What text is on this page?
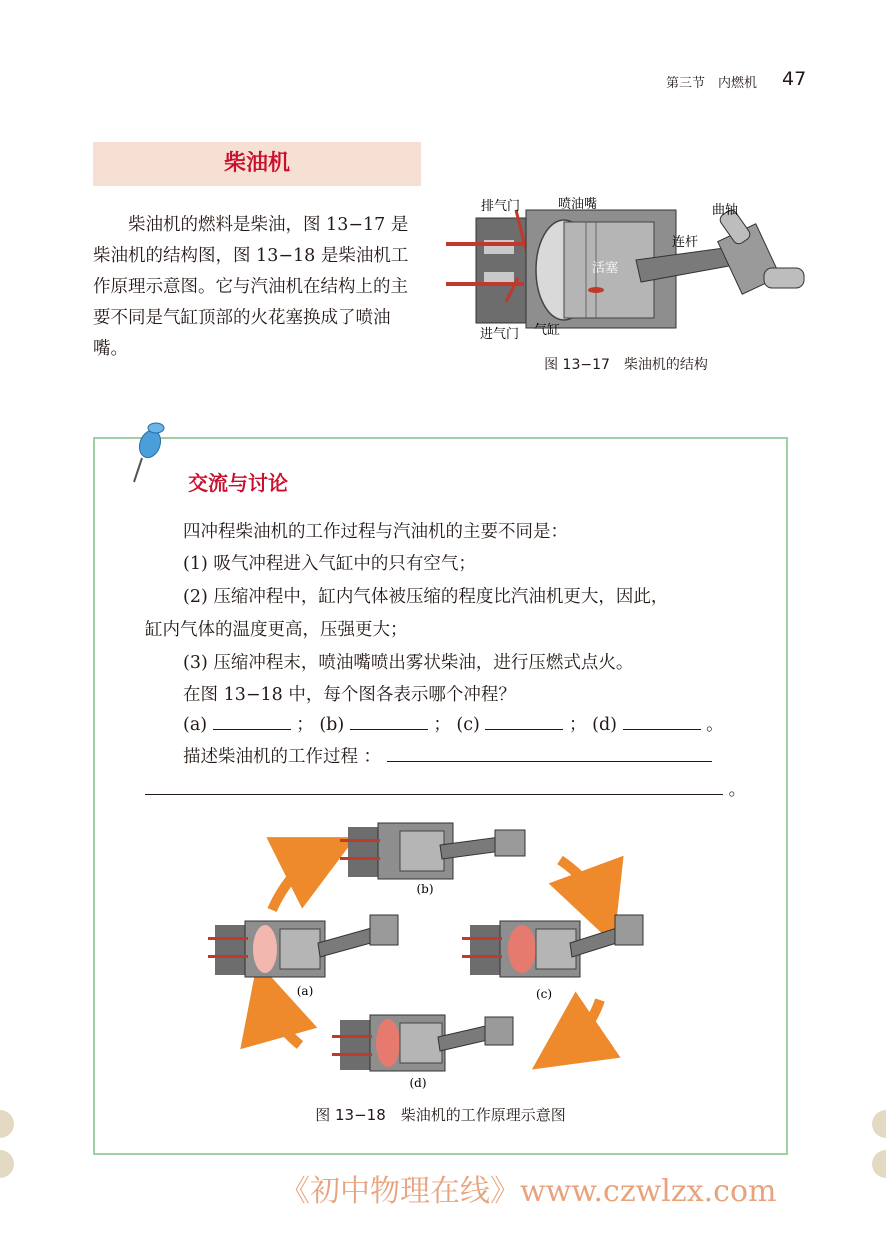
第三节　内燃机 47
柴油机

柴油机的燃料是柴油，图 13−17 是柴油机的结构图，图 13−18 是柴油机工作原理示意图。它与汽油机在结构上的主要不同是气缸顶部的火花塞换成了喷油嘴。

排气门	喷油嘴	曲轴
连杆
活塞
进气门 气缸
图 13−17　柴油机的结构
交流与讨论
四冲程柴油机的工作过程与汽油机的主要不同是：
(1) 吸气冲程进入气缸中的只有空气；
(2) 压缩冲程中，缸内气体被压缩的程度比汽油机更大，因此，
缸内气体的温度更高，压强更大；
(3) 压缩冲程末，喷油嘴喷出雾状柴油，进行压燃式点火。
在图 13−18 中，每个图各表示哪个冲程？
(a)	； (b)	； (c)	； (d)	。
描述柴油机的工作过程 ：
。
(b)
(a)	(c)
(d)
图 13−18　柴油机的工作原理示意图
《初中物理在线》www.czwlzx.com
